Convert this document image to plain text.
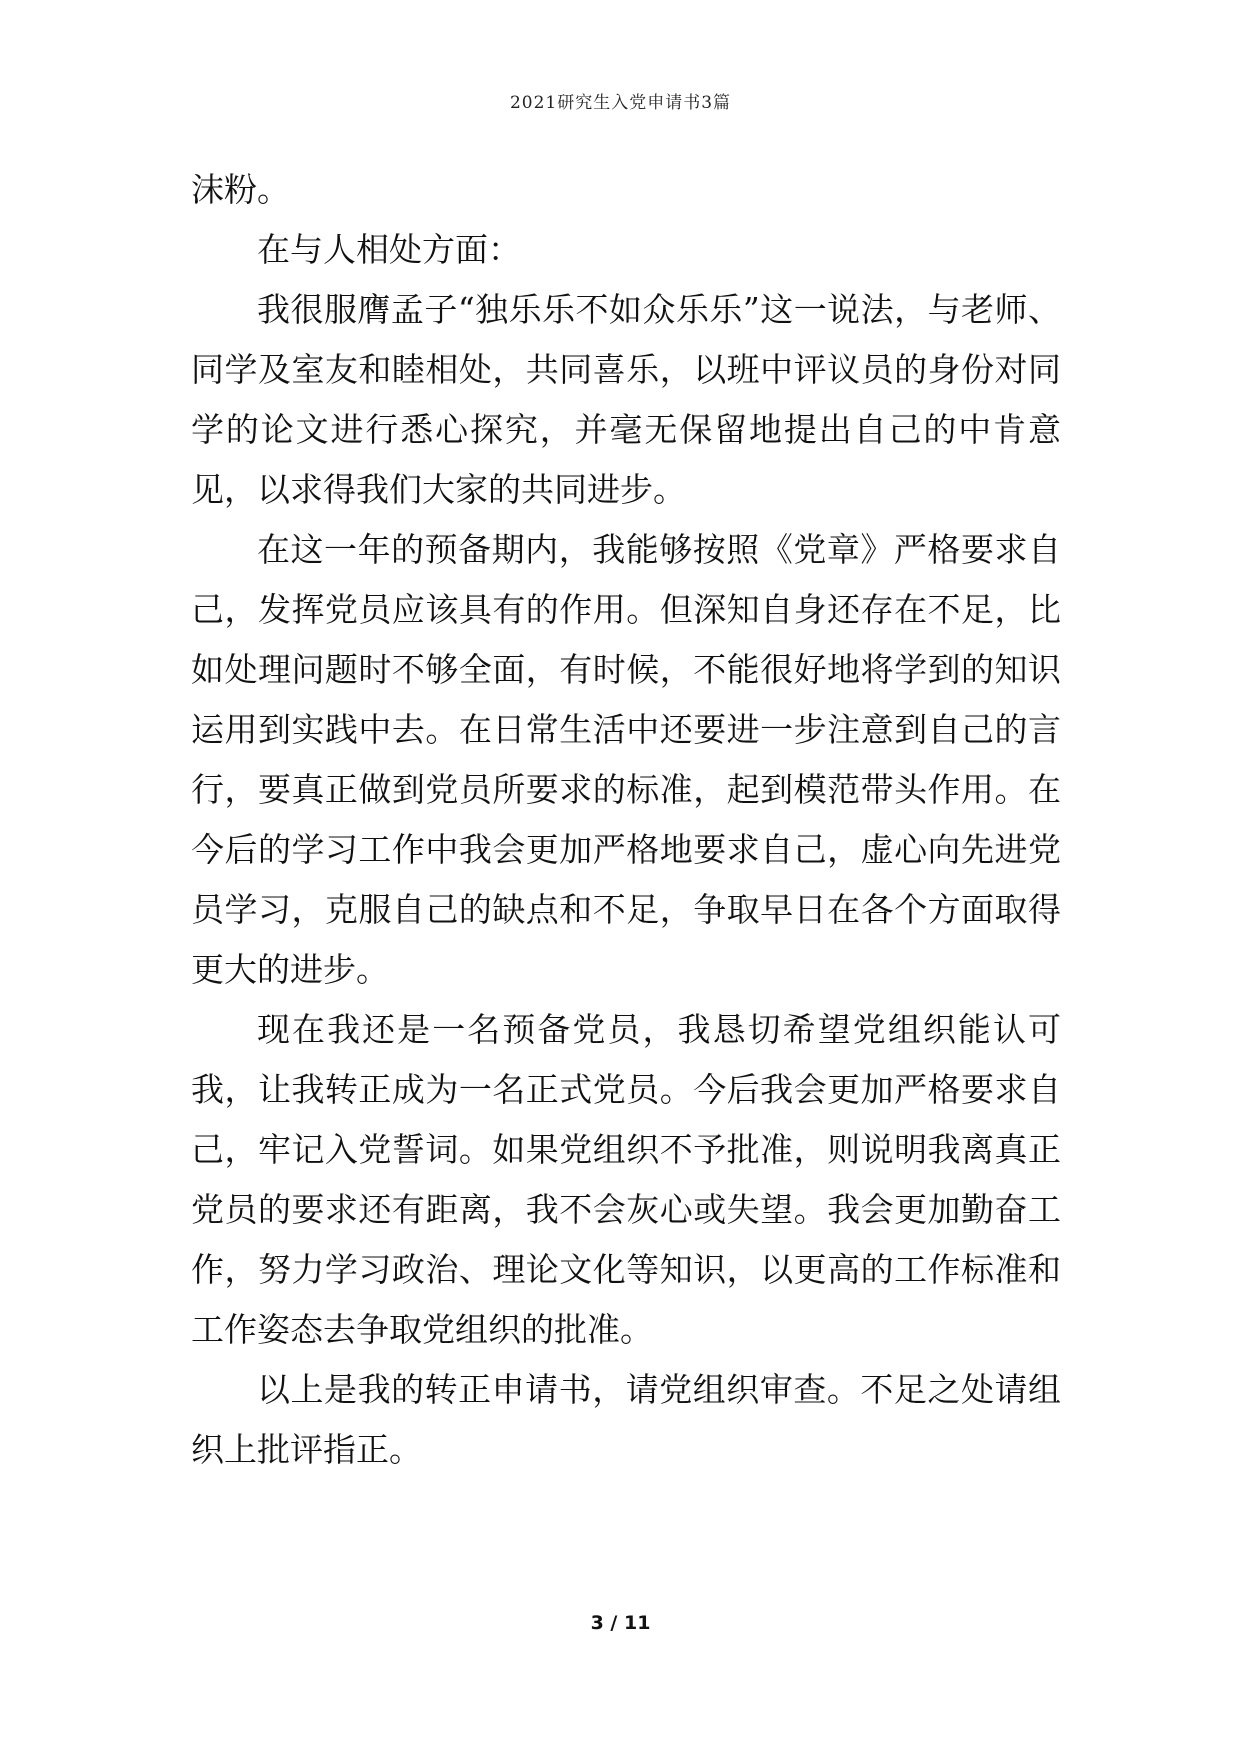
2021研究生入党申请书3篇

沫粉。

在与人相处方面：

我很服膺孟子“独乐乐不如众乐乐”这一说法，与老师、同学及室友和睦相处，共同喜乐，以班中评议员的身份对同学的论文进行悉心探究，并毫无保留地提出自己的中肯意见，以求得我们大家的共同进步。

在这一年的预备期内，我能够按照《党章》严格要求自己，发挥党员应该具有的作用。但深知自身还存在不足，比如处理问题时不够全面，有时候，不能很好地将学到的知识运用到实践中去。在日常生活中还要进一步注意到自己的言行，要真正做到党员所要求的标准，起到模范带头作用。在今后的学习工作中我会更加严格地要求自己，虚心向先进党员学习，克服自己的缺点和不足，争取早日在各个方面取得更大的进步。

现在我还是一名预备党员，我恳切希望党组织能认可我，让我转正成为一名正式党员。今后我会更加严格要求自己，牢记入党誓词。如果党组织不予批准，则说明我离真正党员的要求还有距离，我不会灰心或失望。我会更加勤奋工作，努力学习政治、理论文化等知识，以更高的工作标准和工作姿态去争取党组织的批准。

以上是我的转正申请书，请党组织审查。不足之处请组织上批评指正。

3 / 11
